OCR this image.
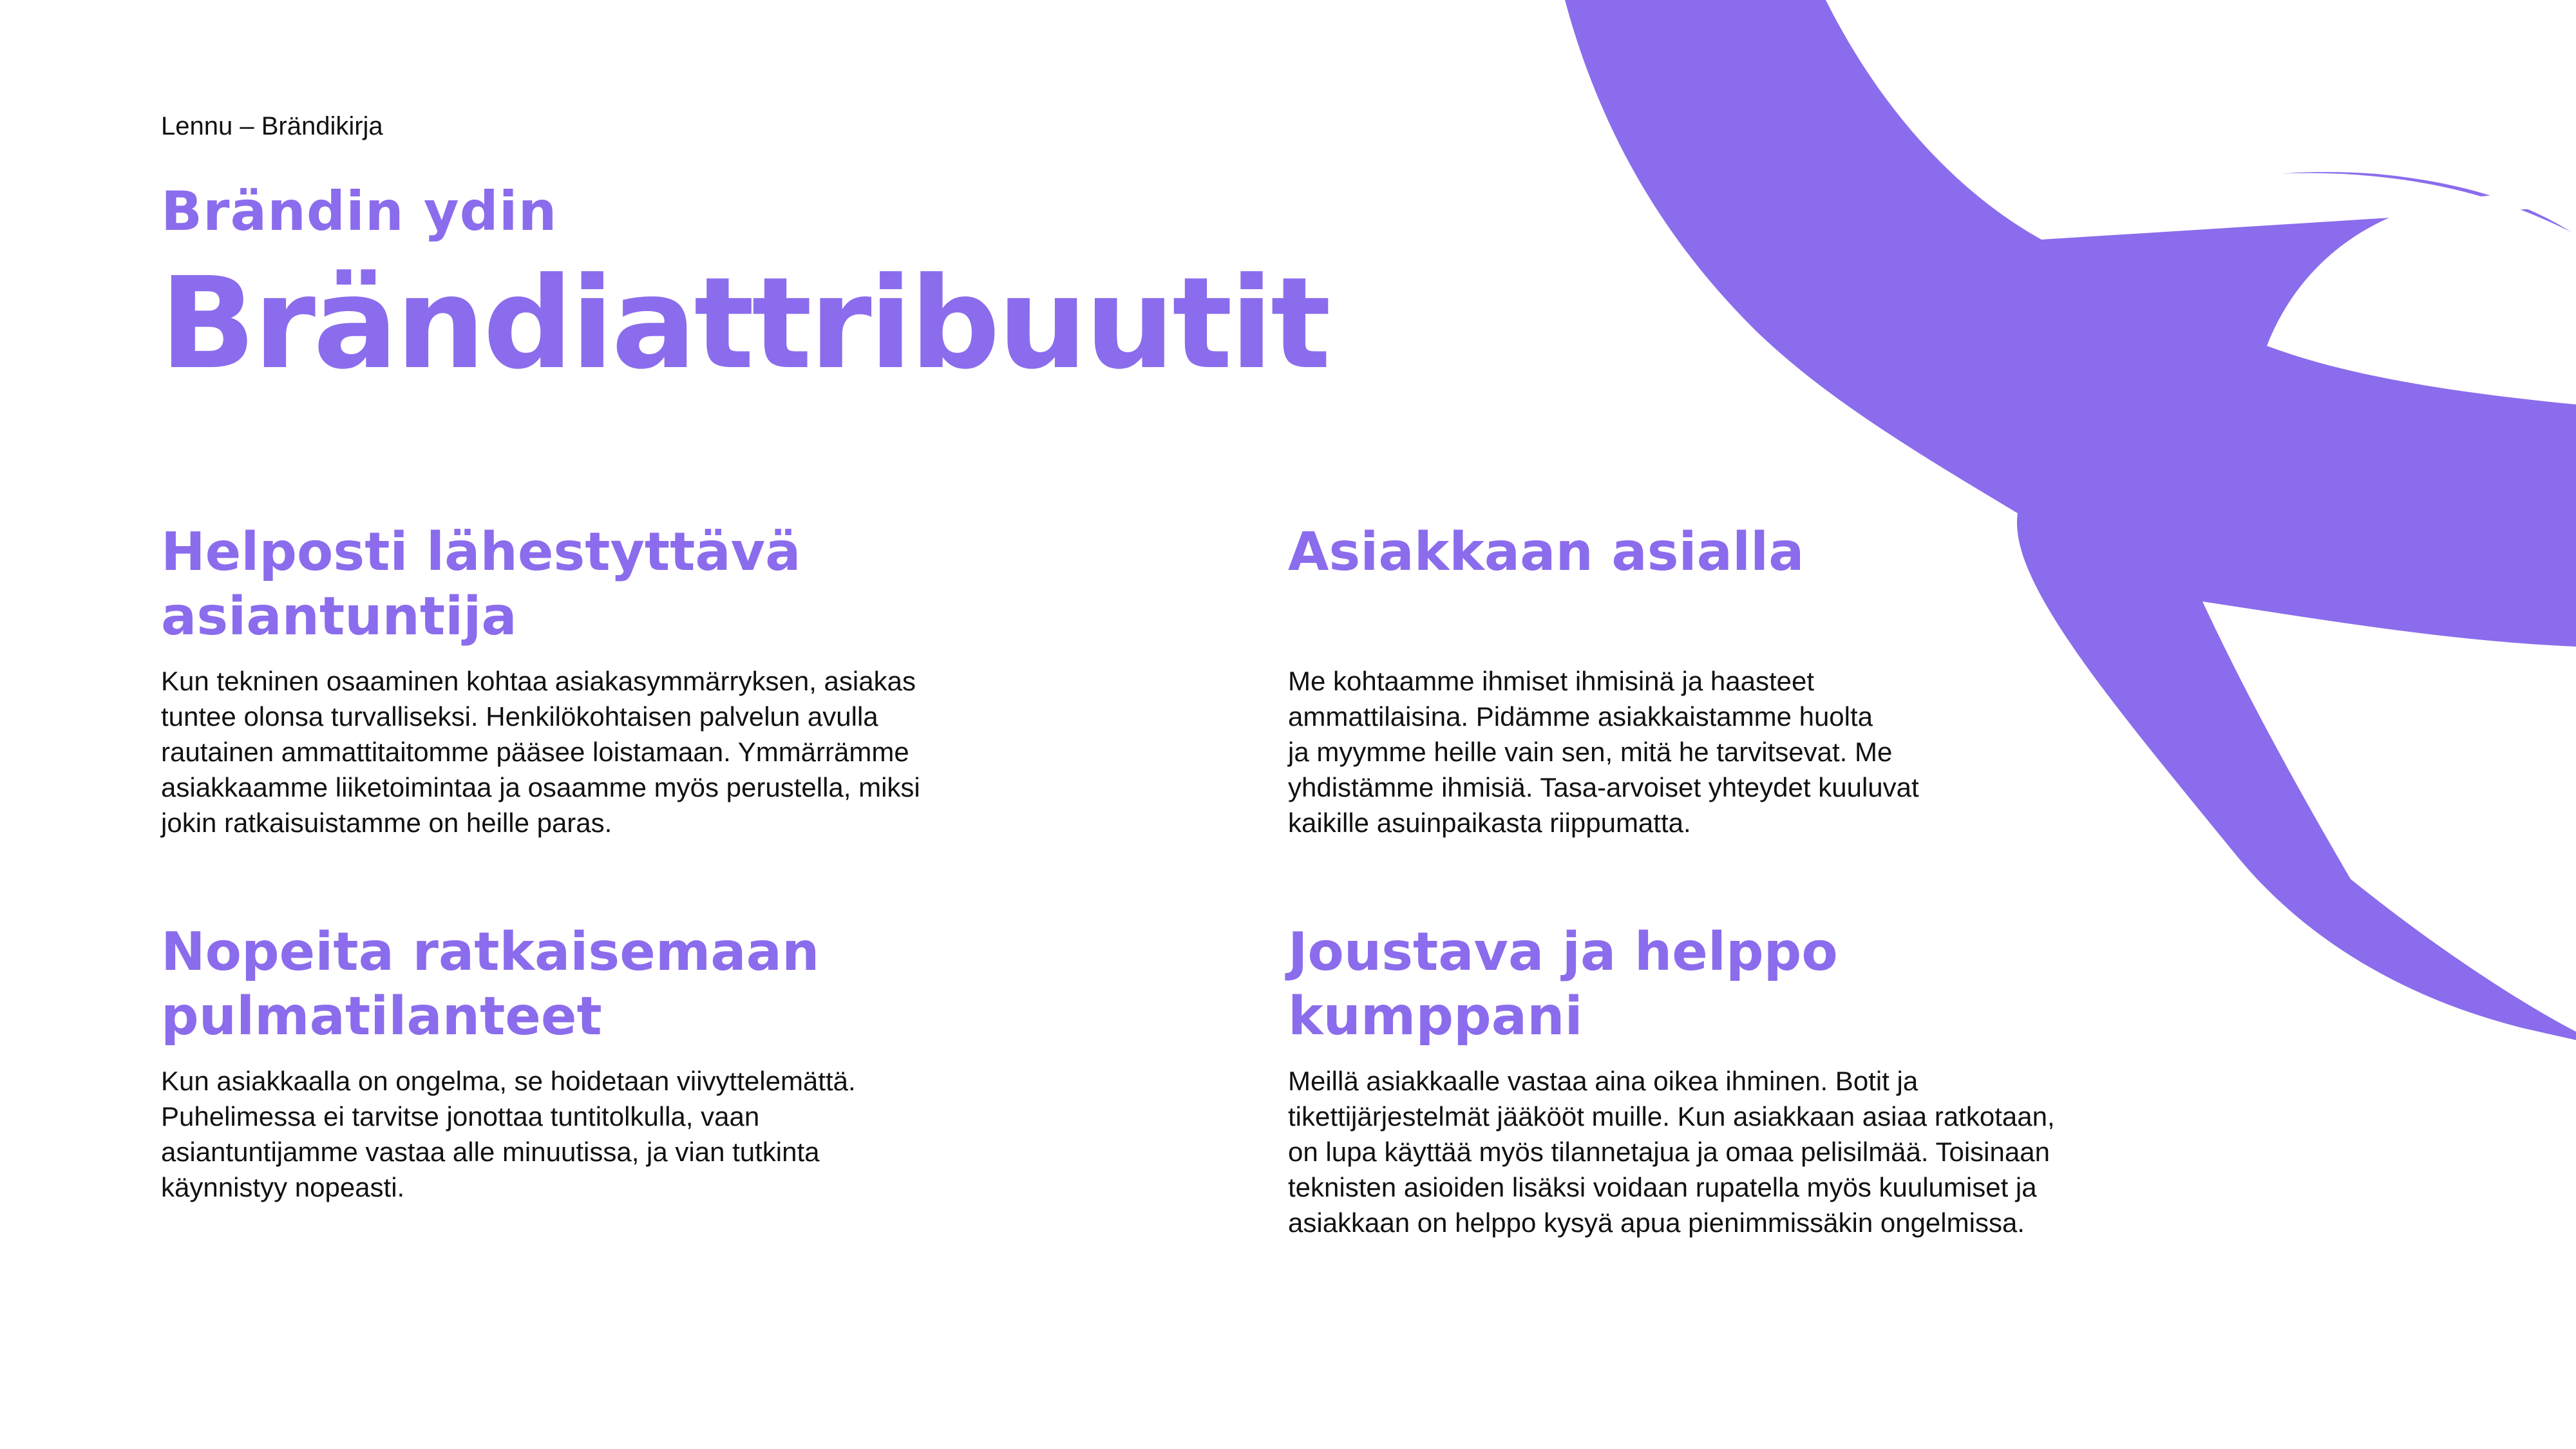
Lennu – Brändikirja	5
Brändin ydin
Brändiattribuutit
Helposti lähestyttävä
asiantuntija

Kun tekninen osaaminen kohtaa asiakasymmärryksen, asiakas
tuntee olonsa turvalliseksi. Henkilökohtaisen palvelun avulla
rautainen ammattitaitomme pääsee loistamaan. Ymmärrämme
asiakkaamme liiketoimintaa ja osaamme myös perustella, miksi
jokin ratkaisuistamme on heille paras.

Asiakkaan asialla

Me kohtaamme ihmiset ihmisinä ja haasteet
ammattilaisina. Pidämme asiakkaistamme huolta
ja myymme heille vain sen, mitä he tarvitsevat. Me
yhdistämme ihmisiä. Tasa-arvoiset yhteydet kuuluvat
kaikille asuinpaikasta riippumatta.

Nopeita ratkaisemaan
pulmatilanteet

Kun asiakkaalla on ongelma, se hoidetaan viivyttelemättä.
Puhelimessa ei tarvitse jonottaa tuntitolkulla, vaan
asiantuntijamme vastaa alle minuutissa, ja vian tutkinta
käynnistyy nopeasti.

Joustava ja helppo
kumppani

Meillä asiakkaalle vastaa aina oikea ihminen. Botit ja
tikettijärjestelmät jääkööt muille. Kun asiakkaan asiaa ratkotaan,
on lupa käyttää myös tilannetajua ja omaa pelisilmää. Toisinaan
teknisten asioiden lisäksi voidaan rupatella myös kuulumiset ja
asiakkaan on helppo kysyä apua pienimmissäkin ongelmissa.
